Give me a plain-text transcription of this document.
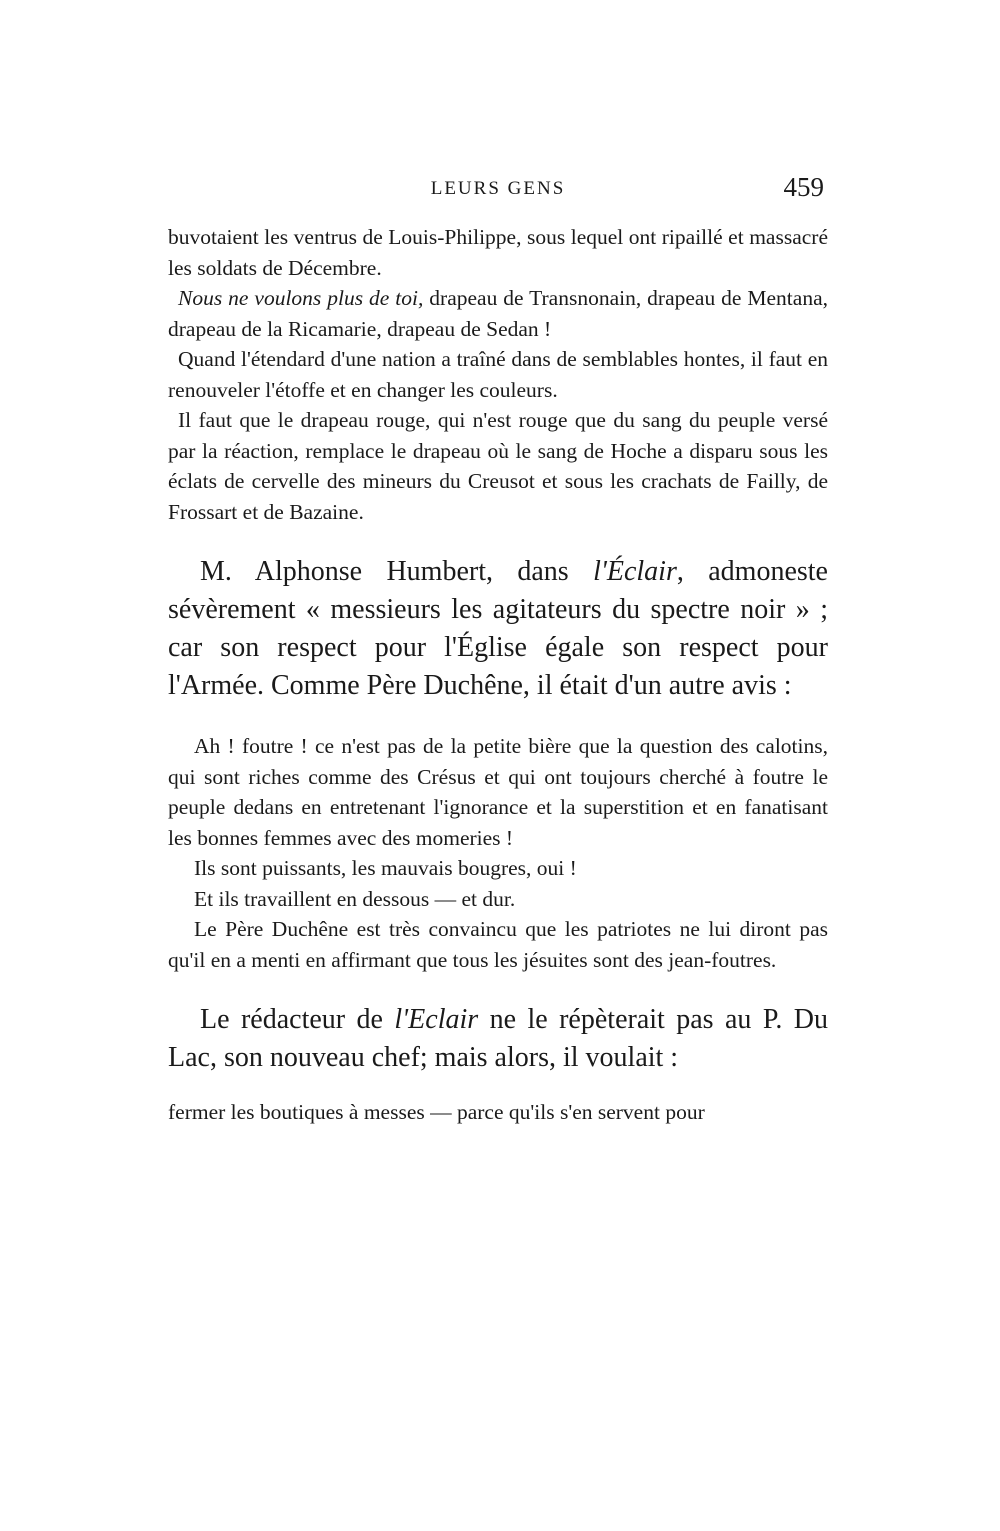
LEURS GENS	459

buvotaient les ventrus de Louis-Philippe, sous lequel ont ripaillé et massacré les soldats de Décembre.

Nous ne voulons plus de toi, drapeau de Transnonain, drapeau de Mentana, drapeau de la Ricamarie, drapeau de Sedan !

Quand l'étendard d'une nation a traîné dans de semblables hontes, il faut en renouveler l'étoffe et en changer les couleurs.

Il faut que le drapeau rouge, qui n'est rouge que du sang du peuple versé par la réaction, remplace le drapeau où le sang de Hoche a disparu sous les éclats de cervelle des mineurs du Creusot et sous les crachats de Failly, de Frossart et de Bazaine.

M. Alphonse Humbert, dans l'Éclair, admoneste sévèrement « messieurs les agitateurs du spectre noir » ; car son respect pour l'Église égale son respect pour l'Armée. Comme Père Duchêne, il était d'un autre avis :

Ah ! foutre ! ce n'est pas de la petite bière que la question des calotins, qui sont riches comme des Crésus et qui ont toujours cherché à foutre le peuple dedans en entretenant l'ignorance et la superstition et en fanatisant les bonnes femmes avec des momeries !

Ils sont puissants, les mauvais bougres, oui !

Et ils travaillent en dessous — et dur.

Le Père Duchêne est très convaincu que les patriotes ne lui diront pas qu'il en a menti en affirmant que tous les jésuites sont des jean-foutres.

Le rédacteur de l'Eclair ne le répèterait pas au P. Du Lac, son nouveau chef; mais alors, il voulait :

fermer les boutiques à messes — parce qu'ils s'en servent pour
